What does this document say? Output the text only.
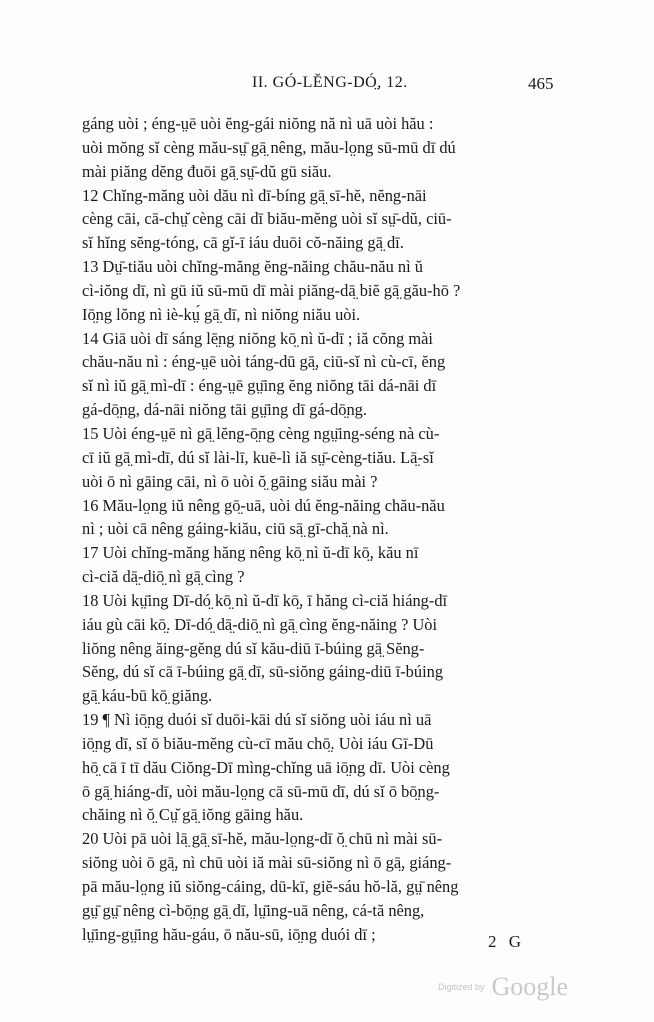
II. GÓ-LĔNG-DÓ̤, 12.	465
gáng uòi ; éng-ṳē uòi ĕng-gái niŏng nă nì uā uòi hău :
uòi mŏng sĭ cèng mău-sṳ̄ gā̤ nêng, mău-lo̤ng sū-mū dī dú
mài piăng dĕng đuōi gā̤ sṳ̄-dŭ gū siău.
12 Chĭng-măng uòi dău nì dī-bíng gā̤ sī-hĕ, nĕng-nāi
cèng cāi, cā-chṳ̆ cèng cāi dī biău-mĕng uòi sĭ sṳ̄-dŭ, ciū-
sĭ hĭng sĕng-tóng, cā gĭ-ī iáu duōi cŏ-năing gā̤ dī.
13 Dṳ̄-tiău uòi chĭng-măng ĕng-năing chău-nău nì ŭ
cì-iŏng dī, nì gū iŭ sū-mū dī mài piăng-dā̤ biĕ gā̤ gău-hō ?
Iō̤ng lŏng nì iè-kṳ́ gā̤ dī, nì niŏng niău uòi.
14 Giā uòi dī sáng lē̤ng niŏng kō̤ nì ŭ-dī ; iă cŏng mài
chău-nău nì : éng-ṳē uòi táng-dū gā̤, ciū-sĭ nì cù-cī, ĕng
sĭ nì iŭ gā̤ mì-dī : éng-ṳē gṳ̄ing ĕng niŏng tāi dá-nāi dī
gá-dō̤ng, dá-nāi niŏng tāi gṳ̄ing dī gá-dō̤ng.
15 Uòi éng-ṳē nì gā̤ lĕng-ō̤ng cèng ngṳ̄ing-séng nà cù-
cī iŭ gā̤ mì-dī, dú sĭ lài-lī, kuē-lì iă sṳ̄-cèng-tiău. Lā̤-sĭ
uòi ō nì gāing cāi, nì ō uòi ŏ̤ gāing siău mài ?
16 Mău-lo̤ng iŭ nêng gō̤-uā, uòi dú ĕng-năing chău-nău
nì ; uòi cā nêng gáing-kiău, ciū sā̤ gī-chă̤ nà nì.
17 Uòi chĭng-măng hăng nêng kō̤ nì ŭ-dī kō̤, kău nī
cì-ciă dā̤-diō̤ nì gā̤ cìng ?
18 Uòi kṳ̄ing Dī-dó̤ kō̤ nì ŭ-dī kō̤, ī hăng cì-ciă hiáng-dī
iáu gù cāi kō̤. Dī-dó̤ dā̤-diō̤ nì gā̤ cìng ĕng-năing ? Uòi
liŏng nêng ăing-gĕng dú sĭ kău-diū ī-búing gā̤ Sĕng-
Sĕng, dú sĭ cā ī-búing gā̤ dī, sū-siŏng gáing-diū ī-búing
gā̤ káu-bū kō̤ giăng.
19 ¶ Nì iō̤ng duói sĭ duōi-kāi dú sĭ siŏng uòi iáu nì uā
iō̤ng dī, sĭ ō biău-mĕng cù-cī mău chō̤. Uòi iáu Gī-Dū
hō̤ cā ī tī dău Ciŏng-Dī mìng-chĭng uā iō̤ng dī. Uòi cèng
ō gā̤ hiáng-dī, uòi mău-lo̤ng cā sū-mū dī, dú sĭ ō bō̤ng-
chăing nì ŏ̤ Cṳ̆ gā̤ iŏng gāing hău.
20 Uòi pā uòi lā̤ gā̤ sī-hĕ, mău-lo̤ng-dī ŏ̤ chū nì mài sū-
siŏng uòi ō gā̤, nì chū uòi iă mài sū-siŏng nì ō gā̤, giáng-
pā mău-lo̤ng iŭ siŏng-cáing, dū-kī, giĕ-sáu hŏ-lă, gṳ̄ nêng
gṳ̄ gṳ̄ nêng cì-bō̤ng gā̤ dī, lṳ̄ing-uā nêng, cá-tă nêng,
lṳ̄ing-gṳ̄ing hău-gáu, ō nău-sū, iō̤ng duói dī ;	2 G
$^{Digitized by}$ Google
